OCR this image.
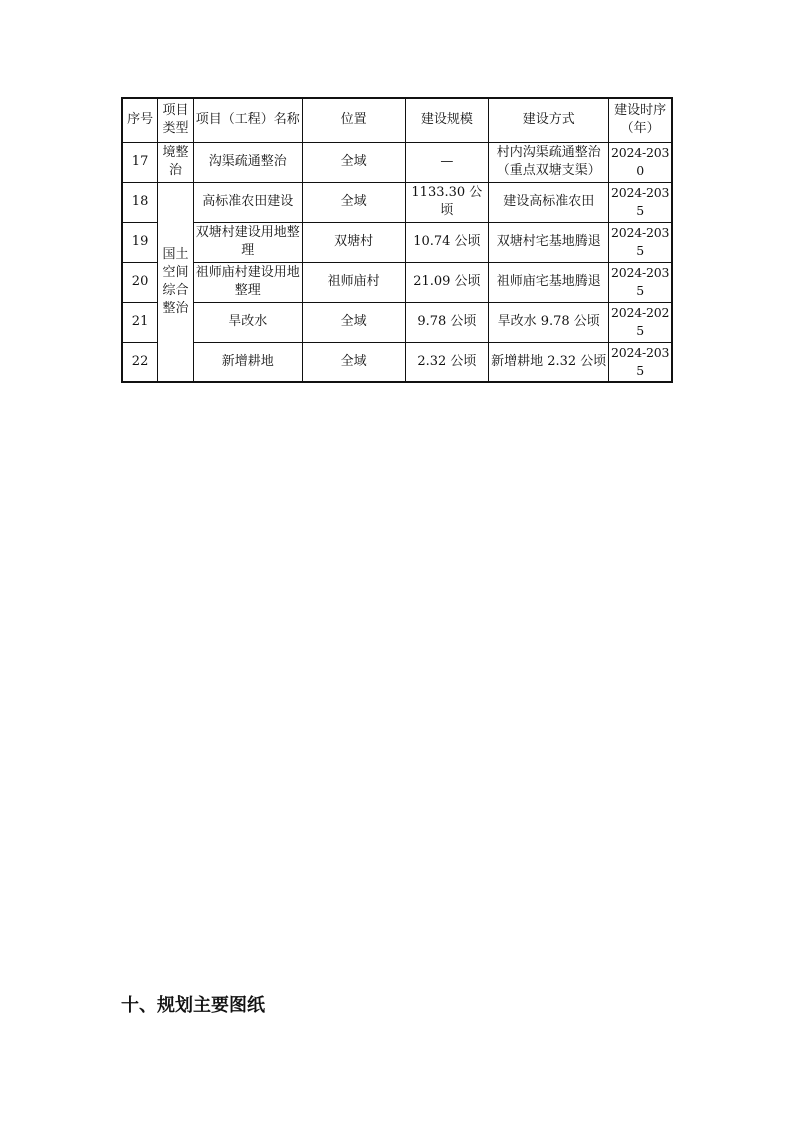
序号	项目类型	项目（工程）名称	位置	建设规模	建设方式	建设时序（年）
17	境整治	沟渠疏通整治	全域	—	村内沟渠疏通整治（重点双塘支渠）	2024-2030
18	国土空间综合整治	高标准农田建设	全域	1133.30 公顷	建设高标准农田	2024-2035
19		双塘村建设用地整理	双塘村	10.74 公顷	双塘村宅基地腾退	2024-2035
20		祖师庙村建设用地整理	祖师庙村	21.09 公顷	祖师庙宅基地腾退	2024-2035
21		旱改水	全域	9.78 公顷	旱改水 9.78 公顷	2024-2025
22		新增耕地	全域	2.32 公顷	新增耕地 2.32 公顷	2024-2035
十、规划主要图纸
